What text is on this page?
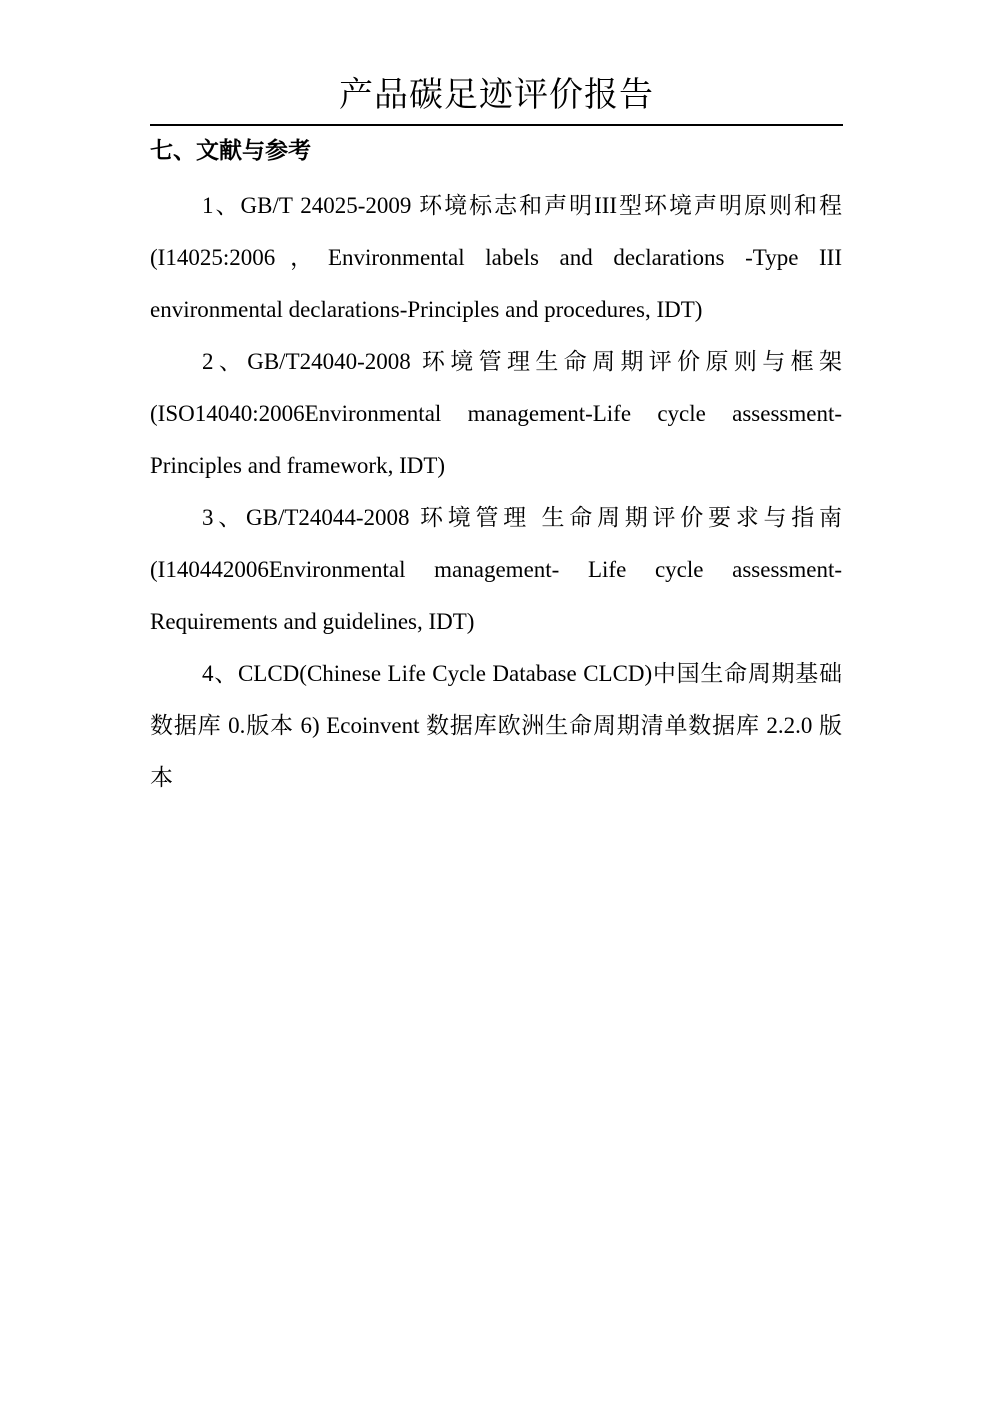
产品碳足迹评价报告
七、文献与参考

1、GB/T 24025-2009 环境标志和声明III型环境声明原则和程(I14025:2006，Environmental labels and declarations -Type III environmental declarations-Principles and procedures, IDT)

2、GB/T24040-2008 环境管理生命周期评价原则与框架(ISO14040:2006Environmental management-Life cycle assessment-Principles and framework, IDT)

3、GB/T24044-2008 环境管理 生命周期评价要求与指南(I140442006Environmental management- Life cycle assessment-Requirements and guidelines, IDT)

4、CLCD(Chinese Life Cycle Database CLCD)中国生命周期基础数据库 0.版本 6) Ecoinvent 数据库欧洲生命周期清单数据库 2.2.0 版本
